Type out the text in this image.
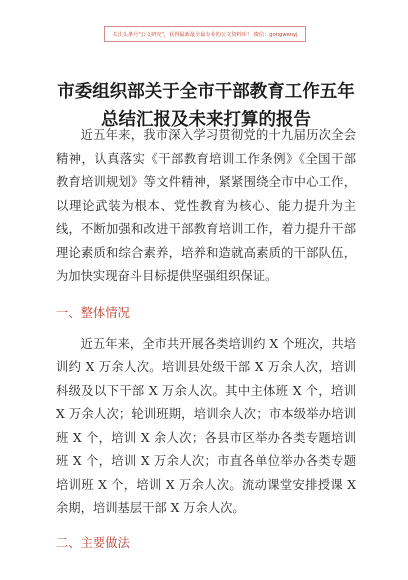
关注头条号"公文研究"，获得最新最全最专业的公文资料库！ 微信：gongwenyj
市委组织部关于全市干部教育工作五年总结汇报及未来打算的报告

近五年来，我市深入学习贯彻党的十九届历次全会精神，认真落实《干部教育培训工作条例》《全国干部教育培训规划》等文件精神，紧紧围绕全市中心工作，以理论武装为根本、党性教育为核心、能力提升为主线，不断加强和改进干部教育培训工作，着力提升干部理论素质和综合素养，培养和造就高素质的干部队伍，为加快实现奋斗目标提供坚强组织保证。

一、整体情况

近五年来，全市共开展各类培训约 X 个班次，共培训约 X 万余人次。培训县处级干部 X 万余人次，培训科级及以下干部 X 万余人次。其中主体班 X 个，培训 X 万余人次；轮训班期，培训余人次；市本级举办培训班 X 个，培训 X 余人次；各县市区举办各类专题培训班 X 个，培训 X 万余人次；市直各单位举办各类专题培训班 X 个，培训 X 万余人次。流动课堂安排授课 X 余期，培训基层干部 X 万余人次。

二、主要做法
